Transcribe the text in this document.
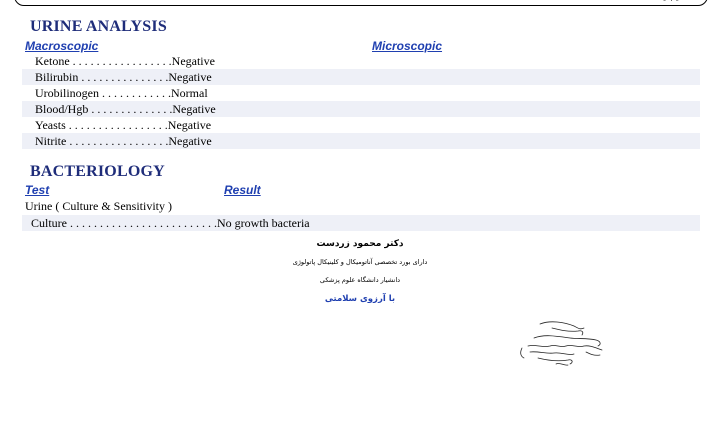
URINE ANALYSIS
Macroscopic	Microscopic
Ketone . . . . . . . . . . . . . . . . .Negative
Bilirubin . . . . . . . . . . . . . . .Negative
Urobilinogen . . . . . . . . . . . .Normal
Blood/Hgb . . . . . . . . . . . . . .Negative
Yeasts . . . . . . . . . . . . . . . . .Negative
Nitrite . . . . . . . . . . . . . . . . .Negative
BACTERIOLOGY
Test	Result
Urine ( Culture & Sensitivity )
Culture . . . . . . . . . . . . . . . . . . . . . . . . .No growth bacteria
دکتر محمود زردست
دارای بورد تخصصی آناتومیکال و کلینیکال پاتولوژی
دانشیار دانشگاه علوم پزشکی
با آرزوی سلامتی
